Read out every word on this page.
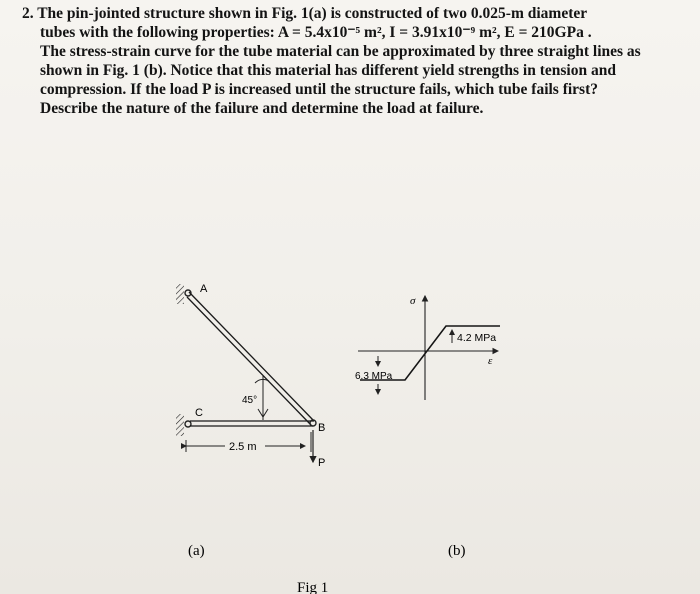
2. The pin-jointed structure shown in Fig. 1(a) is constructed of two 0.025-m diameter
tubes with the following properties: A = 5.4x10⁻⁵ m², I = 3.91x10⁻⁹ m², E = 210GPa .
The stress-strain curve for the tube material can be approximated by three straight lines as
shown in Fig. 1 (b). Notice that this material has different yield strengths in tension and
compression. If the load P is increased until the structure fails, which tube fails first?
Describe the nature of the failure and determine the load at failure.
A
C
B
45°
2.5 m
P
σ
ε
4.2 MPa
6.3 MPa
(a)	(b)
Fig 1
